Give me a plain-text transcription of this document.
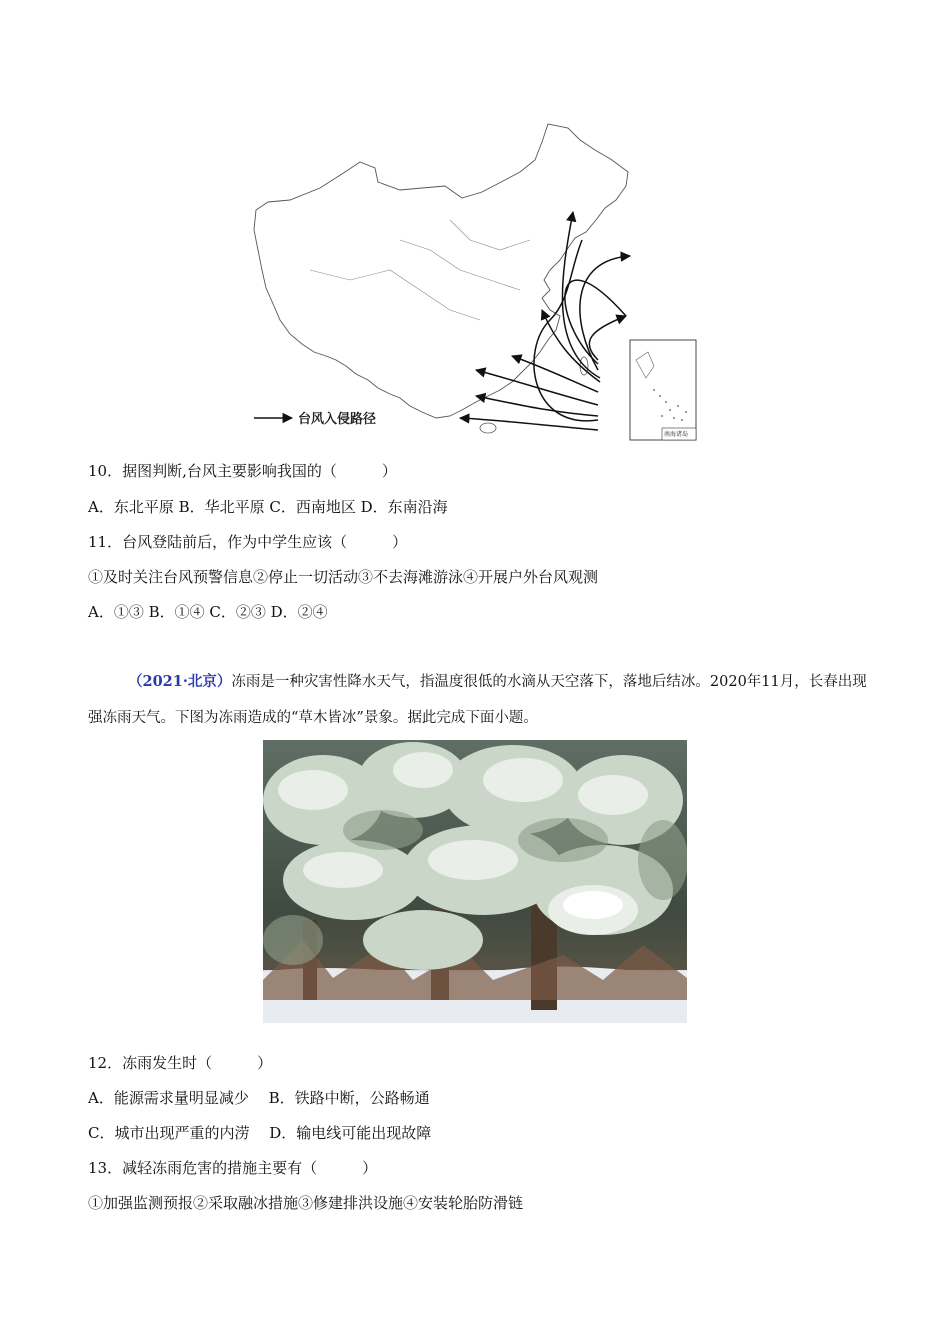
台风入侵路径
南海诸岛
10．据图判断,台风主要影响我国的（　　　）
A．东北平原 B．华北平原 C．西南地区 D．东南沿海
11．台风登陆前后，作为中学生应该（　　　）
①及时关注台风预警信息②停止一切活动③不去海滩游泳④开展户外台风观测
A．①③ B．①④ C．②③ D．②④
（2021·北京）冻雨是一种灾害性降水天气，指温度很低的水滴从天空落下，落地后结冰。2020年11月，长春出现强冻雨天气。下图为冻雨造成的“草木皆冰”景象。据此完成下面小题。
12．冻雨发生时（　　　）
A．能源需求量明显减少　 B．铁路中断，公路畅通
C．城市出现严重的内涝　 D．输电线可能出现故障
13．减轻冻雨危害的措施主要有（　　　）
①加强监测预报②采取融冰措施③修建排洪设施④安装轮胎防滑链
